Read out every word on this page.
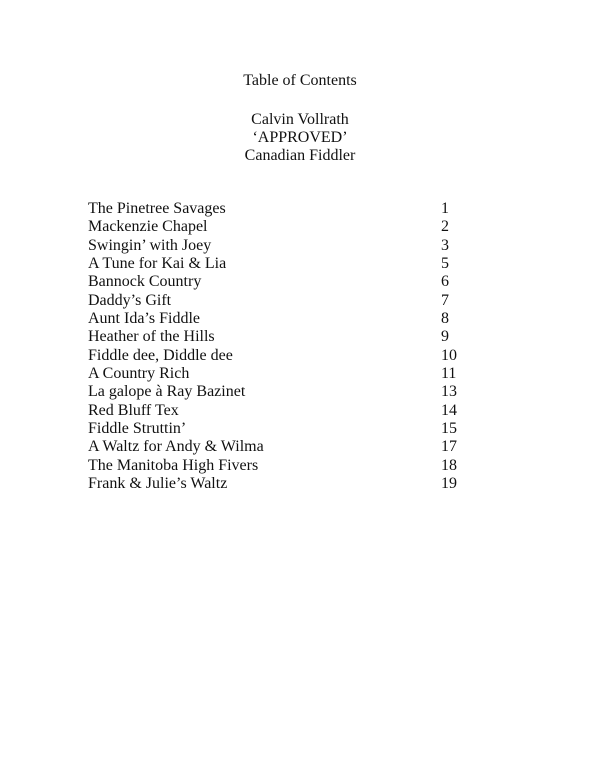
Table of Contents
Calvin Vollrath
‘APPROVED’
Canadian Fiddler
The Pinetree Savages	1
Mackenzie Chapel	2
Swingin’ with Joey	3
A Tune for Kai & Lia	5
Bannock Country	6
Daddy’s Gift	7
Aunt Ida’s Fiddle	8
Heather of the Hills	9
Fiddle dee, Diddle dee	10
A Country Rich	11
La galope à Ray Bazinet	13
Red Bluff Tex	14
Fiddle Struttin’	15
A Waltz for Andy & Wilma	17
The Manitoba High Fivers	18
Frank & Julie’s Waltz	19
